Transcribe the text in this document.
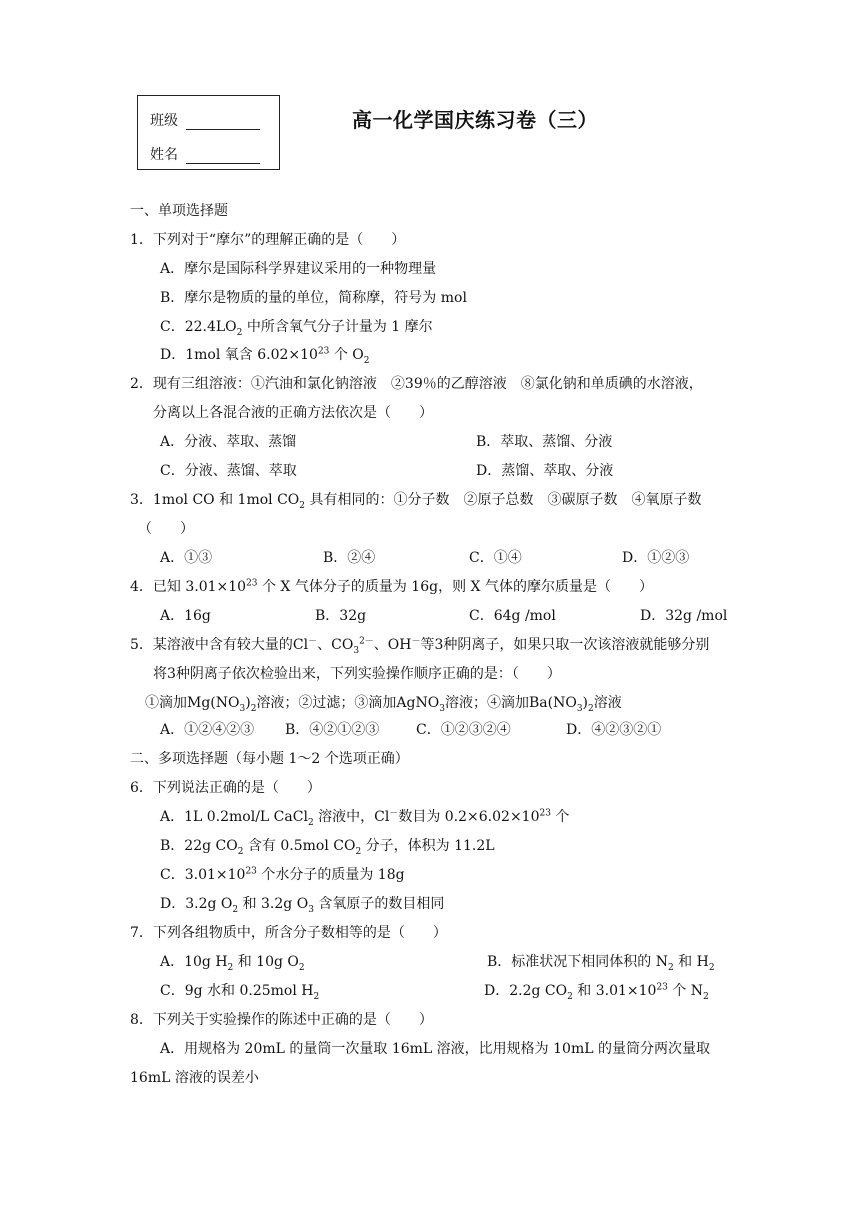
班级
姓名
高一化学国庆练习卷（三）
一、单项选择题
1．下列对于“摩尔”的理解正确的是（　　）
A．摩尔是国际科学界建议采用的一种物理量
B．摩尔是物质的量的单位，简称摩，符号为 mol
C．$22.4LO_2$ 中所含氧气分子计量为 1 摩尔
D．1mol 氧含 $6.02\times 10^{23}$ 个 $O_2$
2．现有三组溶液：①汽油和氯化钠溶液　②39％的乙醇溶液　⑧氯化钠和单质碘的水溶液，
分离以上各混合液的正确方法依次是（　　）
A．分液、萃取、蒸馏	B．萃取、蒸馏、分液
C．分液、蒸馏、萃取	D．蒸馏、萃取、分液
3．1mol CO 和 1mol $CO_2$ 具有相同的：①分子数　②原子总数　③碳原子数　④氧原子数
（　　）
A．①③	B．②④	C．①④	D．①②③
4．已知 $3.01\times 10^{23}$ 个 X 气体分子的质量为 16g，则 X 气体的摩尔质量是（　　）
A．16g	B．32g	C．64g /mol	D．32g /mol
5．某溶液中含有较大量的Cl－、$CO_3^{2-}$、OH－等3种阴离子，如果只取一次该溶液就能够分别
将3种阴离子依次检验出来，下列实验操作顺序正确的是：（　　）
①滴加$Mg(NO_3)_2$溶液；②过滤；③滴加AgNO$_3$溶液；④滴加$Ba(NO_3)_2$溶液
A．①②④②③ B．④②①②③	C．①②③②④	D．④②③②①
二、多项选择题（每小题 1～2 个选项正确）
6．下列说法正确的是（　　）
A．1L 0.2mol/L CaCl$_2$ 溶液中，Cl－数目为 $0.2\times 6.02\times 10^{23}$ 个
B．22g $CO_2$ 含有 0.5mol $CO_2$ 分子，体积为 11.2L
C．$3.01\times 10^{23}$ 个水分子的质量为 18g
D．3.2g $O_2$ 和 3.2g $O_3$ 含氧原子的数目相同
7．下列各组物质中，所含分子数相等的是（　　）
A．10g $H_2$ 和 10g $O_2$	B．标准状况下相同体积的 $N_2$ 和 $H_2$
C．9g 水和 0.25mol $H_2$	D．2.2g $CO_2$ 和 $3.01\times 10^{23}$ 个 $N_2$
8．下列关于实验操作的陈述中正确的是（　　）
A．用规格为 20mL 的量筒一次量取 16mL 溶液，比用规格为 10mL 的量筒分两次量取
16mL 溶液的误差小
